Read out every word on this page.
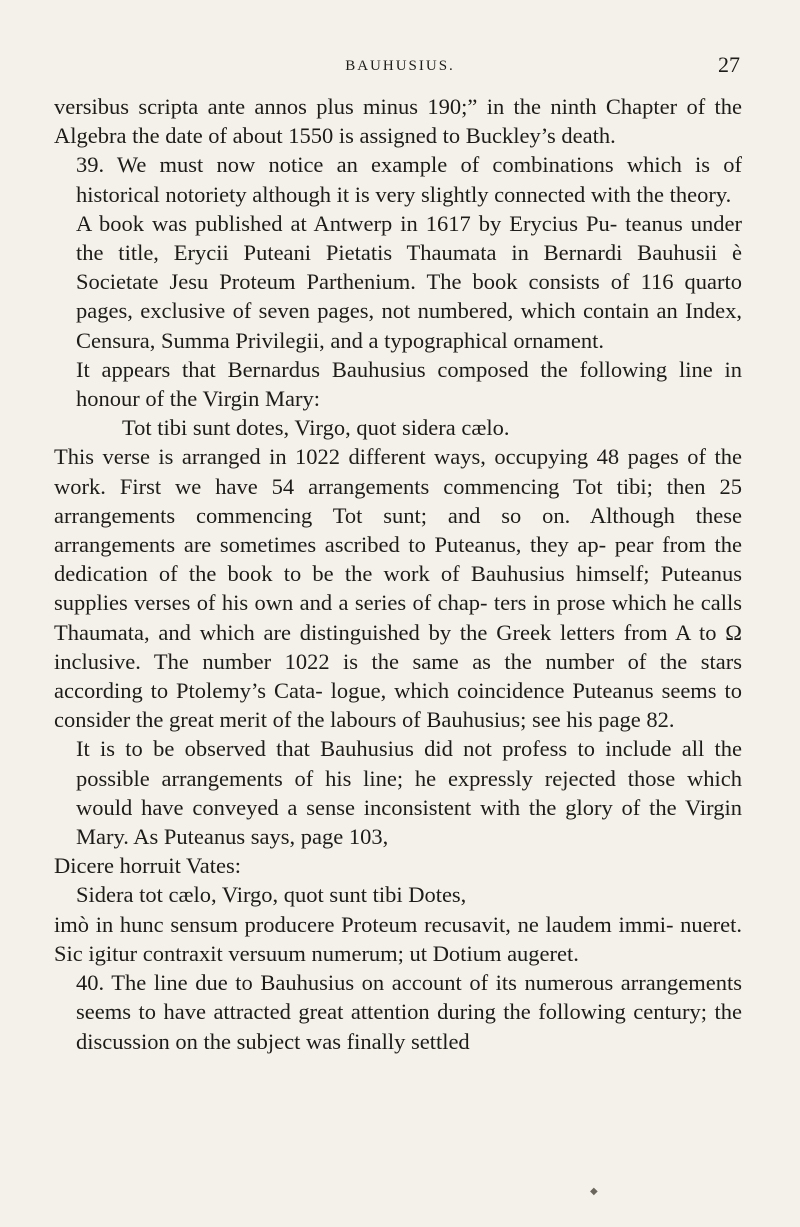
BAUHUSIUS.	27

versibus scripta ante annos plus minus 190;” in the ninth Chapter of the Algebra the date of about 1550 is assigned to Buckley’s death.

39. We must now notice an example of combinations which is of historical notoriety although it is very slightly connected with the theory.

A book was published at Antwerp in 1617 by Erycius Pu- teanus under the title, Erycii Puteani Pietatis Thaumata in Bernardi Bauhusii è Societate Jesu Proteum Parthenium. The book consists of 116 quarto pages, exclusive of seven pages, not numbered, which contain an Index, Censura, Summa Privilegii, and a typographical ornament.

It appears that Bernardus Bauhusius composed the following line in honour of the Virgin Mary:

Tot tibi sunt dotes, Virgo, quot sidera cælo.

This verse is arranged in 1022 different ways, occupying 48 pages of the work. First we have 54 arrangements commencing Tot tibi; then 25 arrangements commencing Tot sunt; and so on. Although these arrangements are sometimes ascribed to Puteanus, they ap- pear from the dedication of the book to be the work of Bauhusius himself; Puteanus supplies verses of his own and a series of chap- ters in prose which he calls Thaumata, and which are distinguished by the Greek letters from A to Ω inclusive. The number 1022 is the same as the number of the stars according to Ptolemy’s Cata- logue, which coincidence Puteanus seems to consider the great merit of the labours of Bauhusius; see his page 82.

It is to be observed that Bauhusius did not profess to include all the possible arrangements of his line; he expressly rejected those which would have conveyed a sense inconsistent with the glory of the Virgin Mary. As Puteanus says, page 103,

Dicere horruit Vates:

Sidera tot cælo, Virgo, quot sunt tibi Dotes,

imò in hunc sensum producere Proteum recusavit, ne laudem immi- nueret. Sic igitur contraxit versuum numerum; ut Dotium augeret.

40. The line due to Bauhusius on account of its numerous arrangements seems to have attracted great attention during the following century; the discussion on the subject was finally settled

◆
